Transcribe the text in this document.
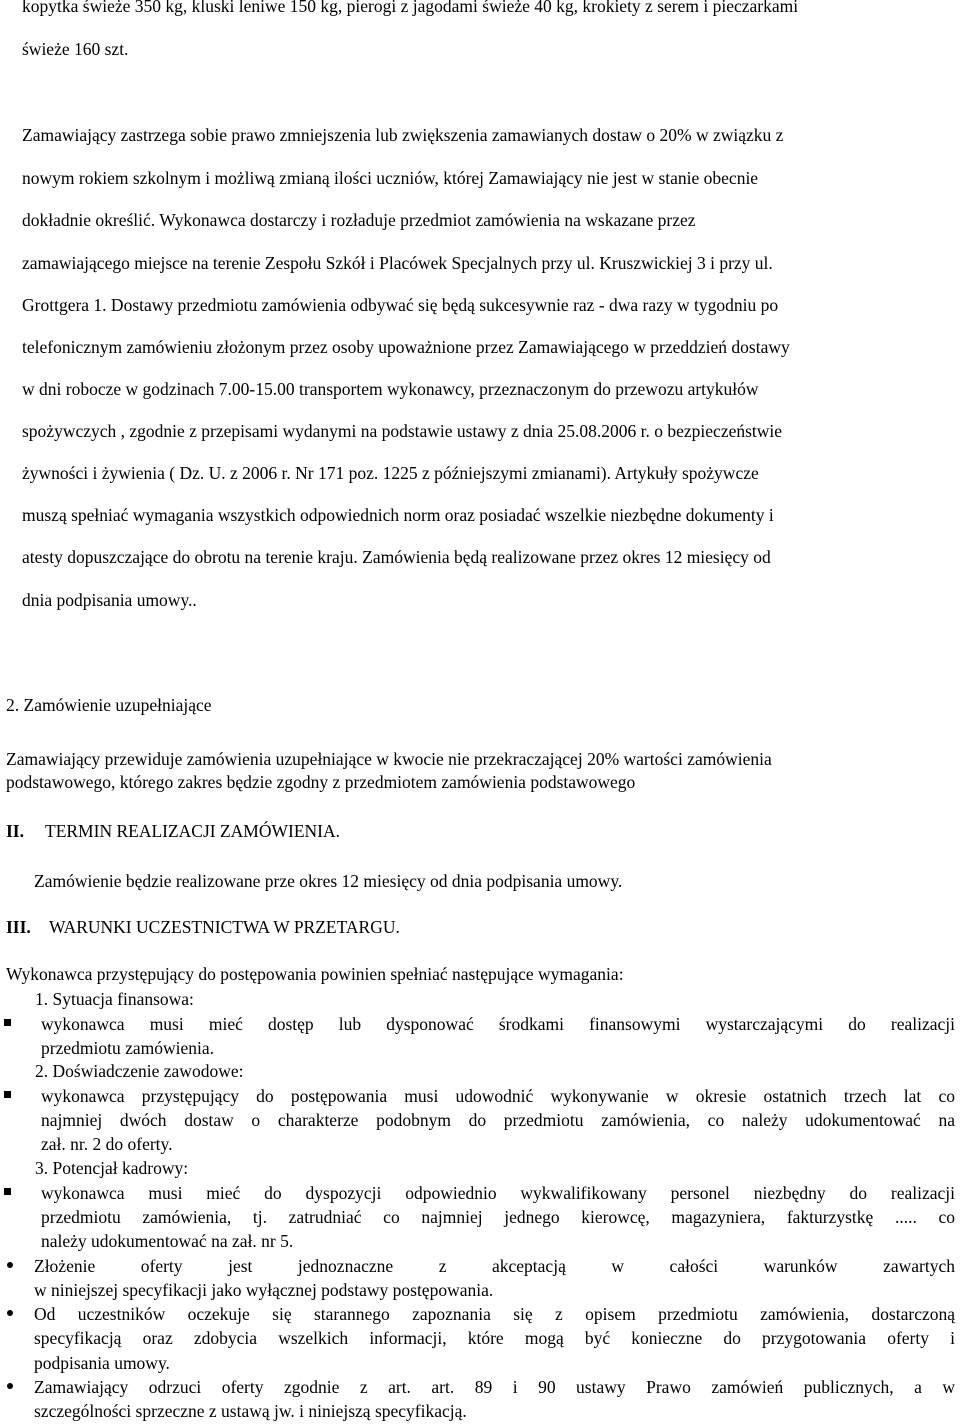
kopytka świeże 350 kg, kluski leniwe 150 kg, pierogi z jagodami świeże 40 kg, krokiety z serem i pieczarkami
świeże 160 szt.
Zamawiający zastrzega sobie prawo zmniejszenia lub zwiększenia zamawianych dostaw o 20% w związku z
nowym rokiem szkolnym i możliwą zmianą ilości uczniów, której Zamawiający nie jest w stanie obecnie
dokładnie określić. Wykonawca dostarczy i rozładuje przedmiot zamówienia na wskazane przez
zamawiającego miejsce na terenie Zespołu Szkół i Placówek Specjalnych przy ul. Kruszwickiej 3 i przy ul.
Grottgera 1. Dostawy przedmiotu zamówienia odbywać się będą sukcesywnie raz - dwa razy w tygodniu po
telefonicznym zamówieniu złożonym przez osoby upoważnione przez Zamawiającego w przeddzień dostawy
w dni robocze w godzinach 7.00-15.00 transportem wykonawcy, przeznaczonym do przewozu artykułów
spożywczych , zgodnie z przepisami wydanymi na podstawie ustawy z dnia 25.08.2006 r. o bezpieczeństwie
żywności i żywienia ( Dz. U. z 2006 r. Nr 171 poz. 1225 z późniejszymi zmianami). Artykuły spożywcze
muszą spełniać wymagania wszystkich odpowiednich norm oraz posiadać wszelkie niezbędne dokumenty i
atesty dopuszczające do obrotu na terenie kraju. Zamówienia będą realizowane przez okres 12 miesięcy od
dnia podpisania umowy..
2. Zamówienie uzupełniające
Zamawiający przewiduje zamówienia uzupełniające w kwocie nie przekraczającej 20% wartości zamówienia
podstawowego, którego zakres będzie zgodny z przedmiotem zamówienia podstawowego
II. TERMIN REALIZACJI ZAMÓWIENIA.
Zamówienie będzie realizowane prze okres 12 miesięcy od dnia podpisania umowy.
III. WARUNKI UCZESTNICTWA W PRZETARGU.
Wykonawca przystępujący do postępowania powinien spełniać następujące wymagania:
1. Sytuacja finansowa:
wykonawca musi mieć dostęp lub dysponować środkami finansowymi wystarczającymi do realizacji
przedmiotu zamówienia.
2. Doświadczenie zawodowe:
wykonawca przystępujący do postępowania musi udowodnić wykonywanie w okresie ostatnich trzech lat co
najmniej dwóch dostaw o charakterze podobnym do przedmiotu zamówienia, co należy udokumentować na
zał. nr. 2 do oferty.
3. Potencjał kadrowy:
wykonawca musi mieć do dyspozycji odpowiednio wykwalifikowany personel niezbędny do realizacji
przedmiotu zamówienia, tj. zatrudniać co najmniej jednego kierowcę, magazyniera, fakturzystkę ..... co
należy udokumentować na zał. nr 5.
Złożenie oferty jest jednoznaczne z akceptacją w całości warunków zawartych
w niniejszej specyfikacji jako wyłącznej podstawy postępowania.
Od uczestników oczekuje się starannego zapoznania się z opisem przedmiotu zamówienia, dostarczoną
specyfikacją oraz zdobycia wszelkich informacji, które mogą być konieczne do przygotowania oferty i
podpisania umowy.
Zamawiający odrzuci oferty zgodnie z art. art. 89 i 90 ustawy Prawo zamówień publicznych, a w
szczególności sprzeczne z ustawą jw. i niniejszą specyfikacją.
